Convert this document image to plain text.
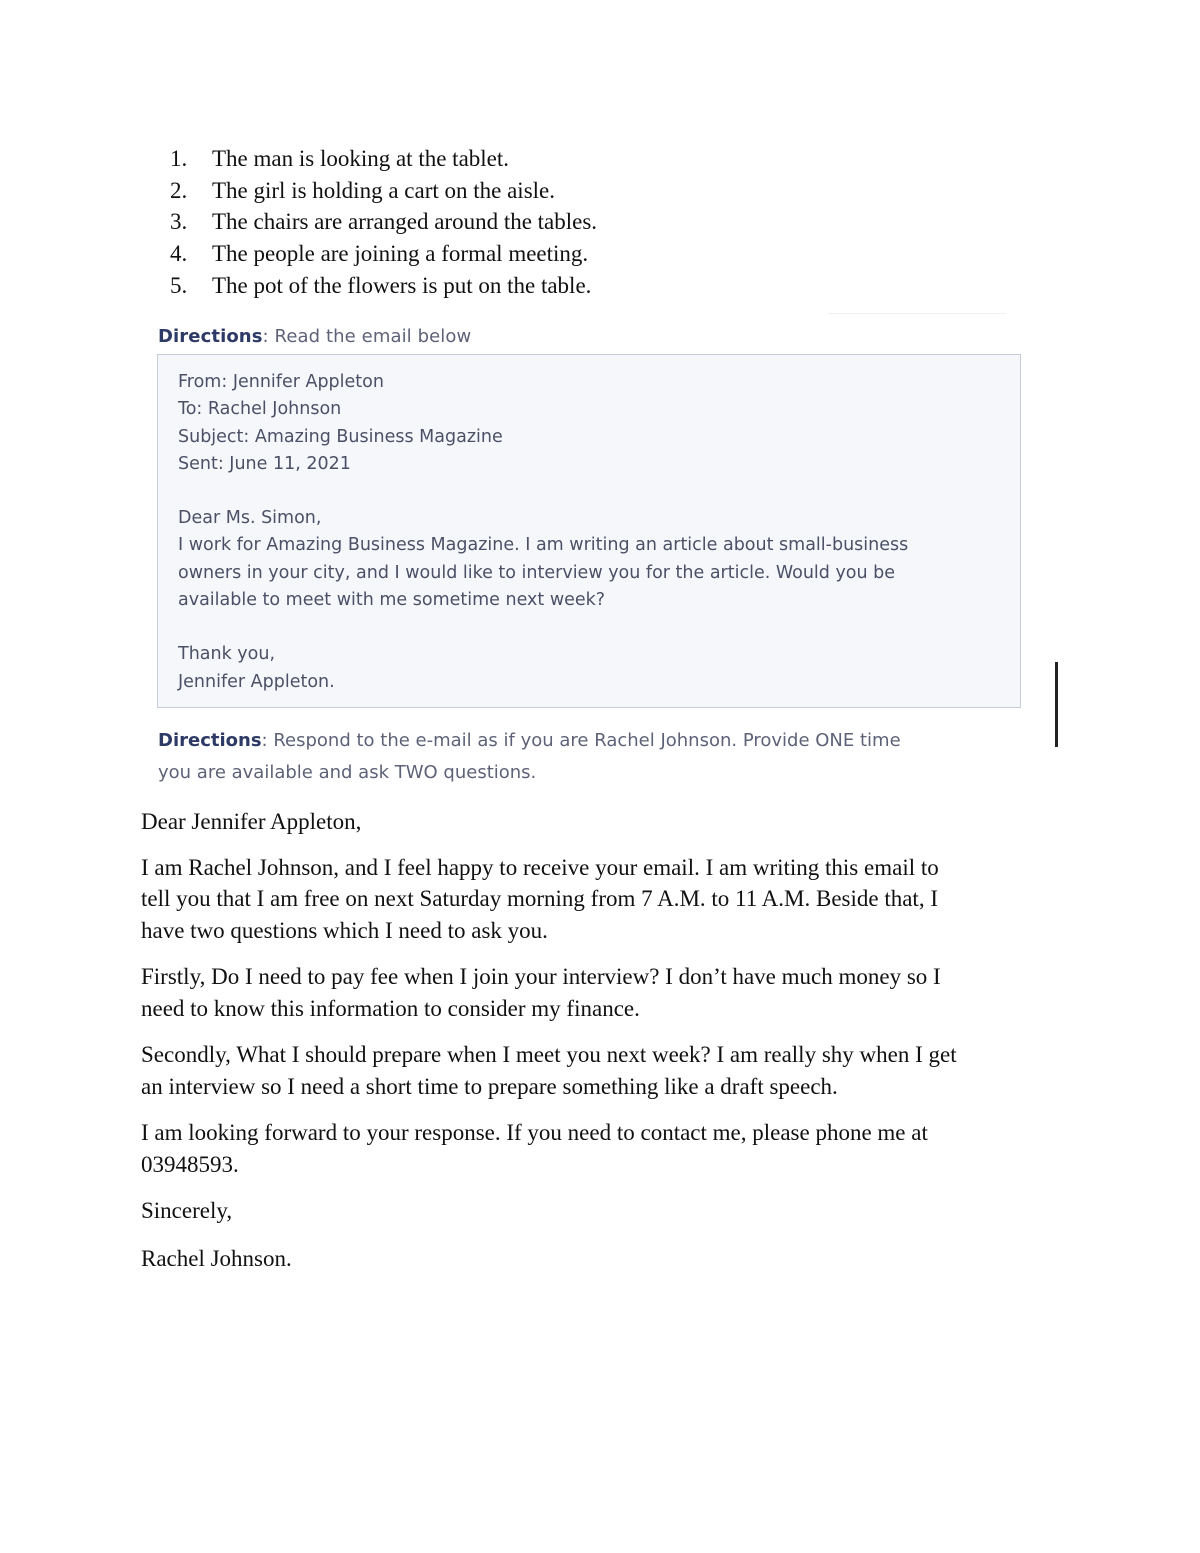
1.	The man is looking at the tablet.
2.	The girl is holding a cart on the aisle.
3.	The chairs are arranged around the tables.
4.	The people are joining a formal meeting.
5.	The pot of the flowers is put on the table.
Directions: Read the email below
From: Jennifer Appleton
To: Rachel Johnson
Subject: Amazing Business Magazine
Sent: June 11, 2021
Dear Ms. Simon,
I work for Amazing Business Magazine. I am writing an article about small-business
owners in your city, and I would like to interview you for the article. Would you be
available to meet with me sometime next week?
Thank you,
Jennifer Appleton.
Directions: Respond to the e-mail as if you are Rachel Johnson. Provide ONE time
you are available and ask TWO questions.

Dear Jennifer Appleton,

I am Rachel Johnson, and I feel happy to receive your email. I am writing this email to
tell you that I am free on next Saturday morning from 7 A.M. to 11 A.M. Beside that, I
have two questions which I need to ask you.

Firstly, Do I need to pay fee when I join your interview? I don’t have much money so I
need to know this information to consider my finance.

Secondly, What I should prepare when I meet you next week? I am really shy when I get
an interview so I need a short time to prepare something like a draft speech.

I am looking forward to your response. If you need to contact me, please phone me at
03948593.

Sincerely,

Rachel Johnson.
